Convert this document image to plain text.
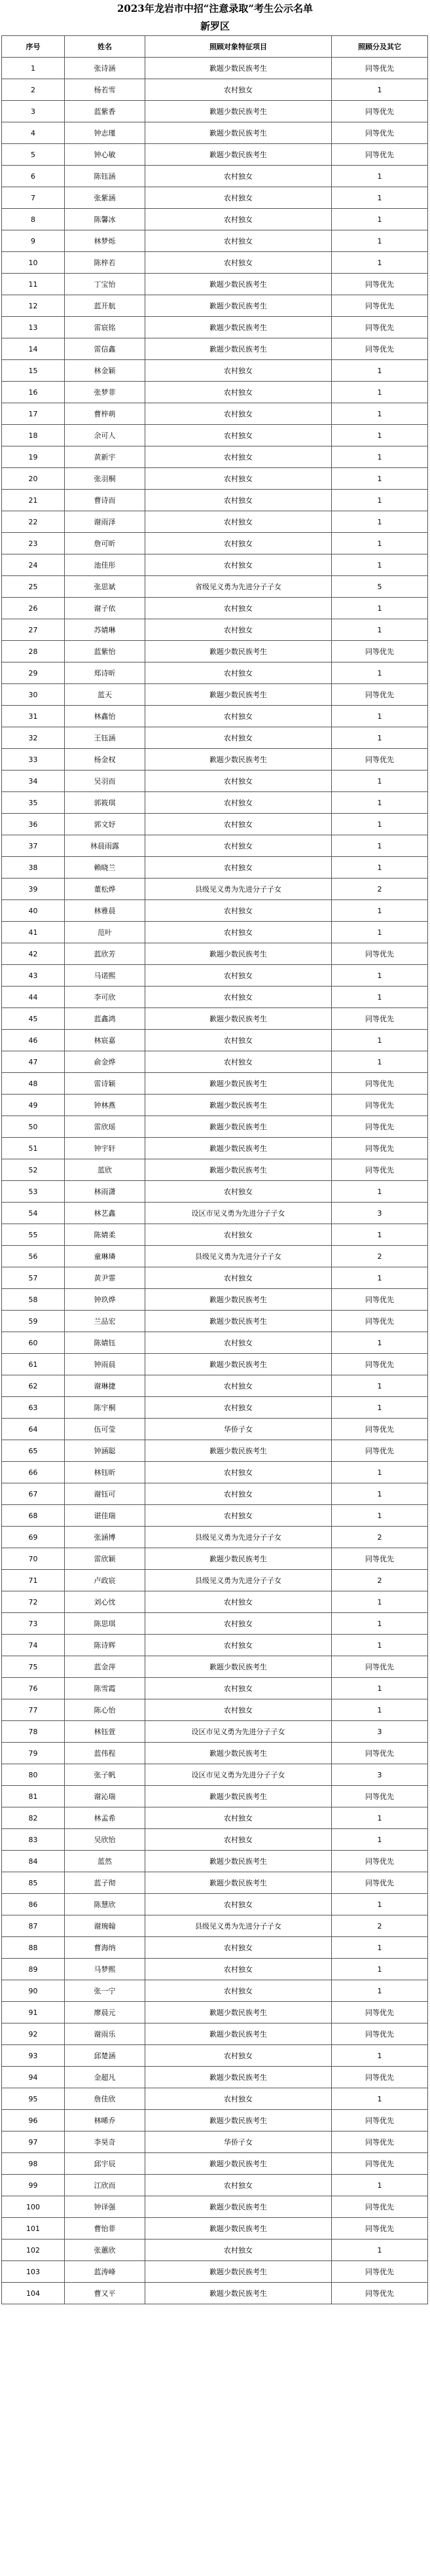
2023年龙岩市中招“注意录取”考生公示名单
新罗区
序号	姓名	照顾对象特征项目	照顾分及其它
1	张诗涵	歉题少数民族考生	同等优先
2	杨若雪	农村独女	1
3	蓝紫香	歉题少数民族考生	同等优先
4	钟志瑾	歉题少数民族考生	同等优先
5	钟心敏	歉题少数民族考生	同等优先
6	陈钰涵	农村独女	1
7	张紫涵	农村独女	1
8	陈馨冰	农村独女	1
9	林梦烁	农村独女	1
10	陈梓若	农村独女	1
11	丁宝怡	歉题少数民族考生	同等优先
12	蓝开航	歉题少数民族考生	同等优先
13	雷宸铭	歉题少数民族考生	同等优先
14	雷信鑫	歉题少数民族考生	同等优先
15	林金颖	农村独女	1
16	张梦菲	农村独女	1
17	曹梓萌	农村独女	1
18	余可人	农村独女	1
19	黄新宇	农村独女	1
20	张羽桐	农村独女	1
21	曹诗而	农村独女	1
22	谢雨泽	农村独女	1
23	詹可昕	农村独女	1
24	池佳彤	农村独女	1
25	张思斌	省级见义勇为先进分子子女	5
26	谢子依	农村独女	1
27	苏婧琳	农村独女	1
28	蓝紫怡	歉题少数民族考生	同等优先
29	郑诗昕	农村独女	1
30	蓝天	歉题少数民族考生	同等优先
31	林鑫怡	农村独女	1
32	王钰涵	农村独女	1
33	杨金权	歉题少数民族考生	同等优先
34	吴羽而	农村独女	1
35	郭筱琪	农村独女	1
36	郭文妤	农村独女	1
37	林晨雨露	农村独女	1
38	赖晓兰	农村独女	1
39	董松烨	县级见义勇为先进分子子女	2
40	林雅晨	农村独女	1
41	范叶	农村独女	1
42	蓝欣芳	歉题少数民族考生	同等优先
43	马诺熙	农村独女	1
44	李可欣	农村独女	1
45	蓝鑫鸿	歉题少数民族考生	同等优先
46	林宸嘉	农村独女	1
47	俞金烨	农村独女	1
48	雷诗颖	歉题少数民族考生	同等优先
49	钟林燕	歉题少数民族考生	同等优先
50	雷欣瑶	歉题少数民族考生	同等优先
51	钟宇轩	歉题少数民族考生	同等优先
52	蓝欣	歉题少数民族考生	同等优先
53	林雨潇	农村独女	1
54	林艺鑫	设区市见义勇为先进分子子女	3
55	陈婧柔	农村独女	1
56	童琳璘	县级见义勇为先进分子子女	2
57	黄尹霏	农村独女	1
58	钟玖烨	歉题少数民族考生	同等优先
59	兰品宏	歉题少数民族考生	同等优先
60	陈婧钰	农村独女	1
61	钟雨晨	歉题少数民族考生	同等优先
62	谢琳捷	农村独女	1
63	陈宇桐	农村独女	1
64	伍可莹	华侨子女	同等优先
65	钟涵聪	歉题少数民族考生	同等优先
66	林钰昕	农村独女	1
67	谢钰可	农村独女	1
68	谌佳瑞	农村独女	1
69	张涵博	县级见义勇为先进分子子女	2
70	雷欣颖	歉题少数民族考生	同等优先
71	卢政宸	县级见义勇为先进分子子女	2
72	刘心忱	农村独女	1
73	陈思琪	农村独女	1
74	陈诗辉	农村独女	1
75	蓝金萍	歉题少数民族考生	同等优先
76	陈雪霞	农村独女	1
77	陈心怡	农村独女	1
78	林钰萱	设区市见义勇为先进分子子女	3
79	蓝伟程	歉题少数民族考生	同等优先
80	张子帆	设区市见义勇为先进分子子女	3
81	谢沁瑞	歉题少数民族考生	同等优先
82	林孟希	农村独女	1
83	吴欣怡	农村独女	1
84	蓝然	歉题少数民族考生	同等优先
85	蓝子彻	歉题少数民族考生	同等优先
86	陈慧欣	农村独女	1
87	谢琬翰	县级见义勇为先进分子子女	2
88	曹海纳	农村独女	1
89	马梦熙	农村独女	1
90	张一宁	农村独女	1
91	廖晨元	歉题少数民族考生	同等优先
92	谢雨乐	歉题少数民族考生	同等优先
93	邱楚涵	农村独女	1
94	金超凡	歉题少数民族考生	同等优先
95	詹佳欣	农村独女	1
96	林晞乔	歉题少数民族考生	同等优先
97	李昊奇	华侨子女	同等优先
98	邱宇辰	歉题少数民族考生	同等优先
99	江欣而	农村独女	1
100	钟译强	歉题少数民族考生	同等优先
101	曹怡菲	歉题少数民族考生	同等优先
102	张蕙欣	农村独女	1
103	蓝涛峰	歉题少数民族考生	同等优先
104	曹又平	歉题少数民族考生	同等优先
